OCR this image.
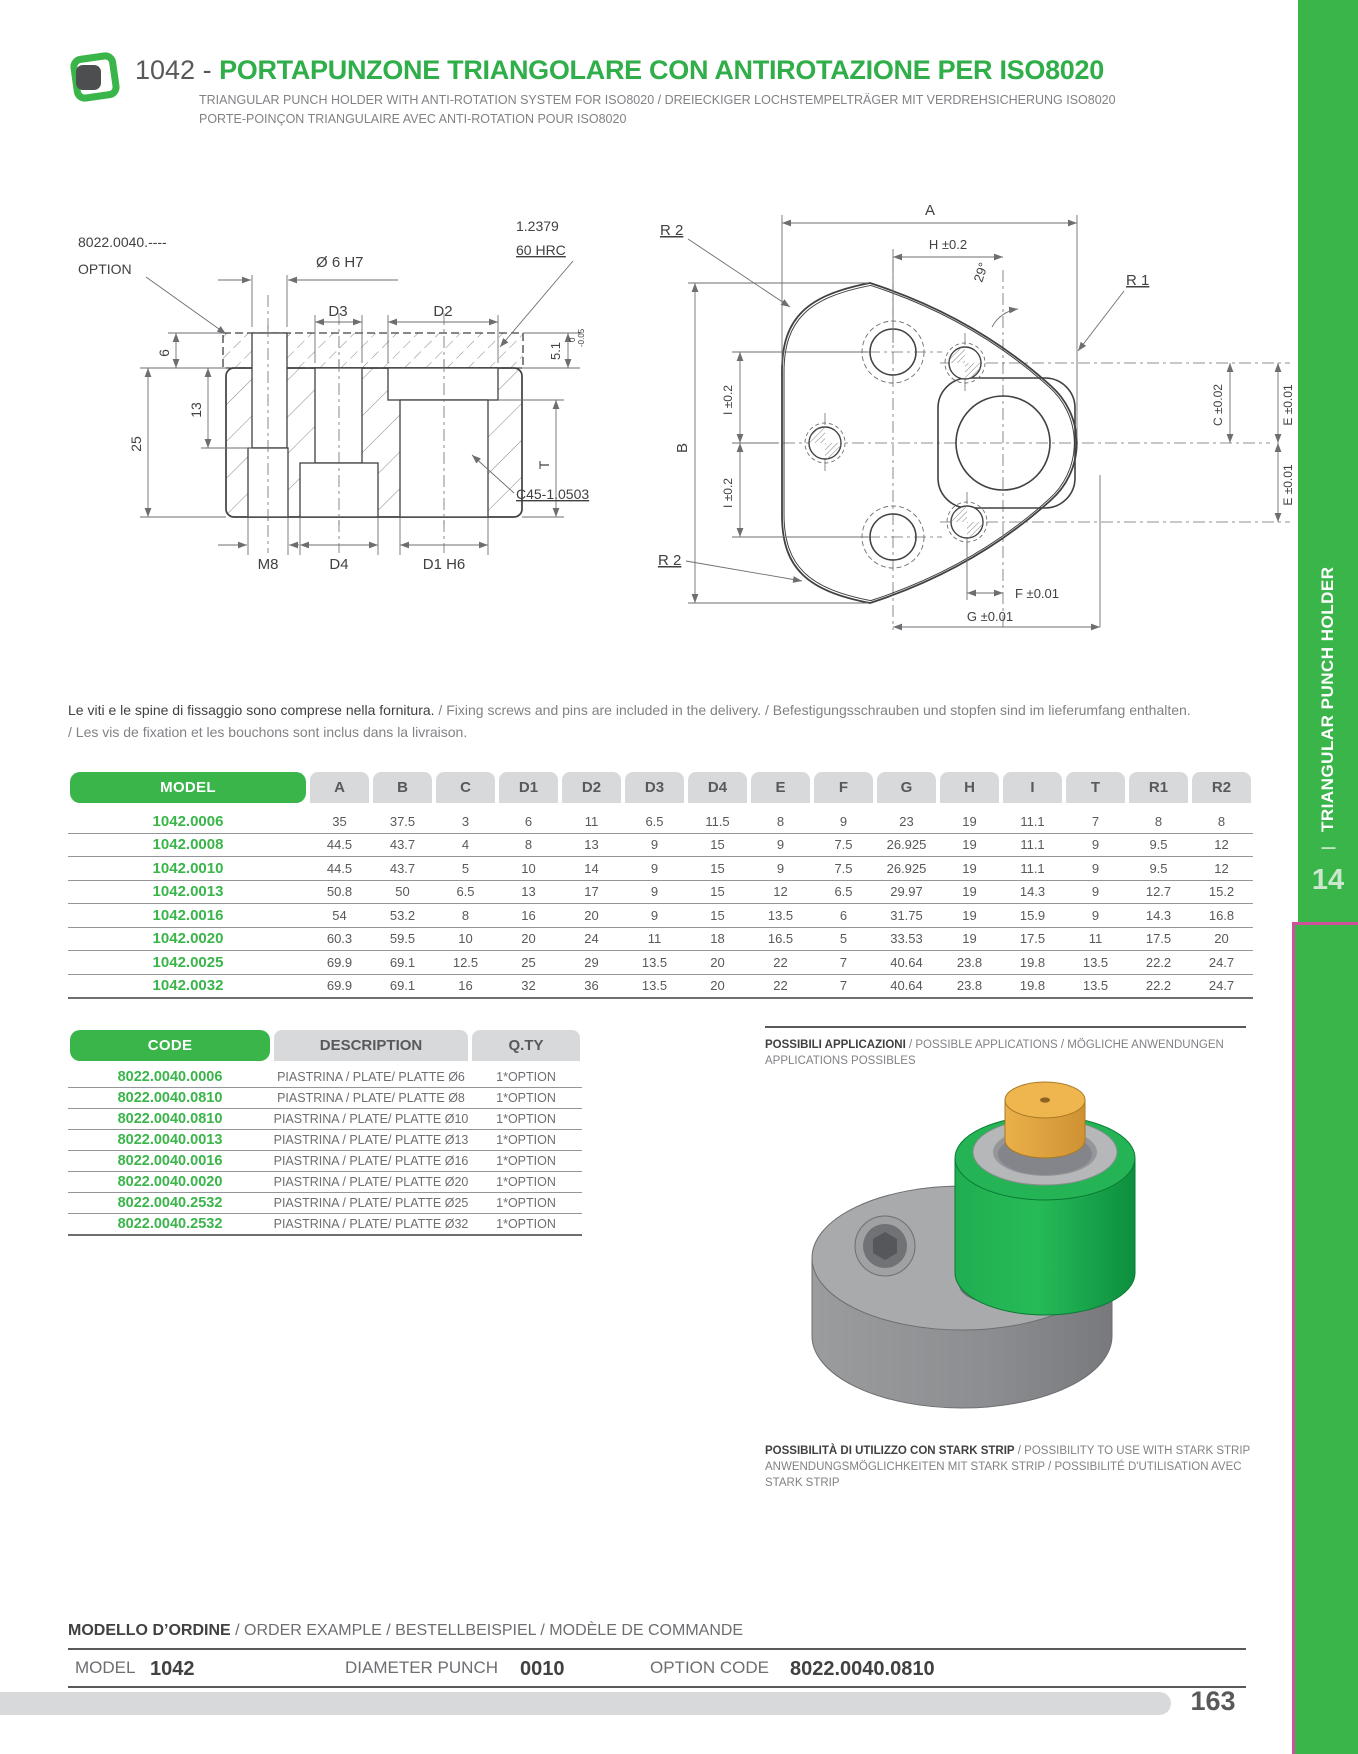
1042 - PORTAPUNZONE TRIANGOLARE CON ANTIROTAZIONE PER ISO8020
TRIANGULAR PUNCH HOLDER WITH ANTI-ROTATION SYSTEM FOR ISO8020 / DREIECKIGER LOCHSTEMPELTRÄGER MIT VERDREHSICHERUNG ISO8020
PORTE-POINÇON TRIANGULAIRE AVEC ANTI-ROTATION POUR ISO8020
8022.0040.----
OPTION	Ø 6 H7
1.2379
60 HRC
D3	D2
5.1
0 -0.05
6
13
25
M8	D4	D1 H6
T
C45-1.0503
A
R 2
H ±0.2
29°	R 1
B
I ±0.2
I ±0.2
C ±0.02	E ±0.01
E ±0.01
F ±0.01
G ±0.01
R 2
Le viti e le spine di fissaggio sono comprese nella fornitura. / Fixing screws and pins are included in the delivery. / Befestigungsschrauben und stopfen sind im lieferumfang enthalten.
/ Les vis de fixation et les bouchons sont inclus dans la livraison.
MODEL	A	B	C	D1	D2	D3	D4	E	F	G	H	I	T	R1	R2
1042.0006	35	37.5	3	6	11	6.5	11.5	8	9	23	19	11.1	7	8	8
1042.0008	44.5	43.7	4	8	13	9	15	9	7.5	26.925	19	11.1	9	9.5	12
1042.0010	44.5	43.7	5	10	14	9	15	9	7.5	26.925	19	11.1	9	9.5	12
1042.0013	50.8	50	6.5	13	17	9	15	12	6.5	29.97	19	14.3	9	12.7	15.2
1042.0016	54	53.2	8	16	20	9	15	13.5	6	31.75	19	15.9	9	14.3	16.8
1042.0020	60.3	59.5	10	20	24	11	18	16.5	5	33.53	19	17.5	11	17.5	20
1042.0025	69.9	69.1	12.5	25	29	13.5	20	22	7	40.64	23.8	19.8	13.5	22.2	24.7
1042.0032	69.9	69.1	16	32	36	13.5	20	22	7	40.64	23.8	19.8	13.5	22.2	24.7
CODE	DESCRIPTION	Q.TY
8022.0040.0006	PIASTRINA / PLATE/ PLATTE Ø6	1*OPTION
8022.0040.0810	PIASTRINA / PLATE/ PLATTE Ø8	1*OPTION
8022.0040.0810	PIASTRINA / PLATE/ PLATTE Ø10	1*OPTION
8022.0040.0013	PIASTRINA / PLATE/ PLATTE Ø13	1*OPTION
8022.0040.0016	PIASTRINA / PLATE/ PLATTE Ø16	1*OPTION
8022.0040.0020	PIASTRINA / PLATE/ PLATTE Ø20	1*OPTION
8022.0040.2532	PIASTRINA / PLATE/ PLATTE Ø25	1*OPTION
8022.0040.2532	PIASTRINA / PLATE/ PLATTE Ø32	1*OPTION
POSSIBILI APPLICAZIONI / POSSIBLE APPLICATIONS / MÖGLICHE ANWENDUNGEN
APPLICATIONS POSSIBLES
POSSIBILITÀ DI UTILIZZO CON STARK STRIP / POSSIBILITY TO USE WITH STARK STRIP
ANWENDUNGSMÖGLICHKEITEN MIT STARK STRIP / POSSIBILITÉ D'UTILISATION AVEC STARK STRIP
MODELLO D’ORDINE / ORDER EXAMPLE / BESTELLBEISPIEL / MODÈLE DE COMMANDE
MODEL 1042	DIAMETER PUNCH 0010	OPTION CODE 8022.0040.0810
163
|
TRIANGULAR PUNCH HOLDER
14
